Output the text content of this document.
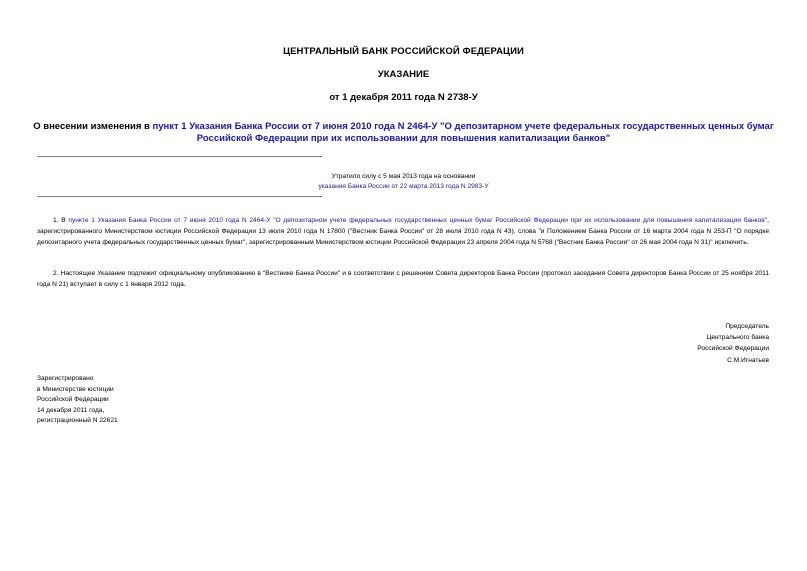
ЦЕНТРАЛЬНЫЙ БАНК РОССИЙСКОЙ ФЕДЕРАЦИИ
УКАЗАНИЕ
от 1 декабря 2011 года N 2738-У
О внесении изменения в пункт 1 Указания Банка России от 7 июня 2010 года N 2464-У "О депозитарном учете федеральных государственных ценных бумаг
Российской Федерации при их использовании для повышения капитализации банков"
Утратило силу с 5 мая 2013 года на основании
указания Банка России от 22 марта 2013 года N 2983-У

1. В пункте 1 Указания Банка России от 7 июня 2010 года N 2464-У "О депозитарном учете федеральных государственных ценных бумаг Российской Федерации при их использовании для повышения капитализации банков", зарегистрированного Министерством юстиции Российской Федерации 13 июля 2010 года N 17800 ("Вестник Банка России" от 28 июля 2010 года N 43), слова "и Положением Банка России от 16 марта 2004 года N 253-П "О порядке депозитарного учета федеральных государственных ценных бумаг", зарегистрированным Министерством юстиции Российской Федерации 23 апреля 2004 года N 5768 ("Вестник Банка России" от 26 мая 2004 года N 31)" исключить.

2. Настоящее Указание подлежит официальному опубликованию в "Вестнике Банка России" и в соответствии с решением Совета директоров Банка России (протокол заседания Совета директоров Банка России от 25 ноября 2011 года N 21) вступает в силу с 1 января 2012 года.

Председатель
Центрального банка
Российской Федерации
С.М.Игнатьев
Зарегистрировано
в Министерстве юстиции
Российской Федерации
14 декабря 2011 года,
регистрационный N 22621
